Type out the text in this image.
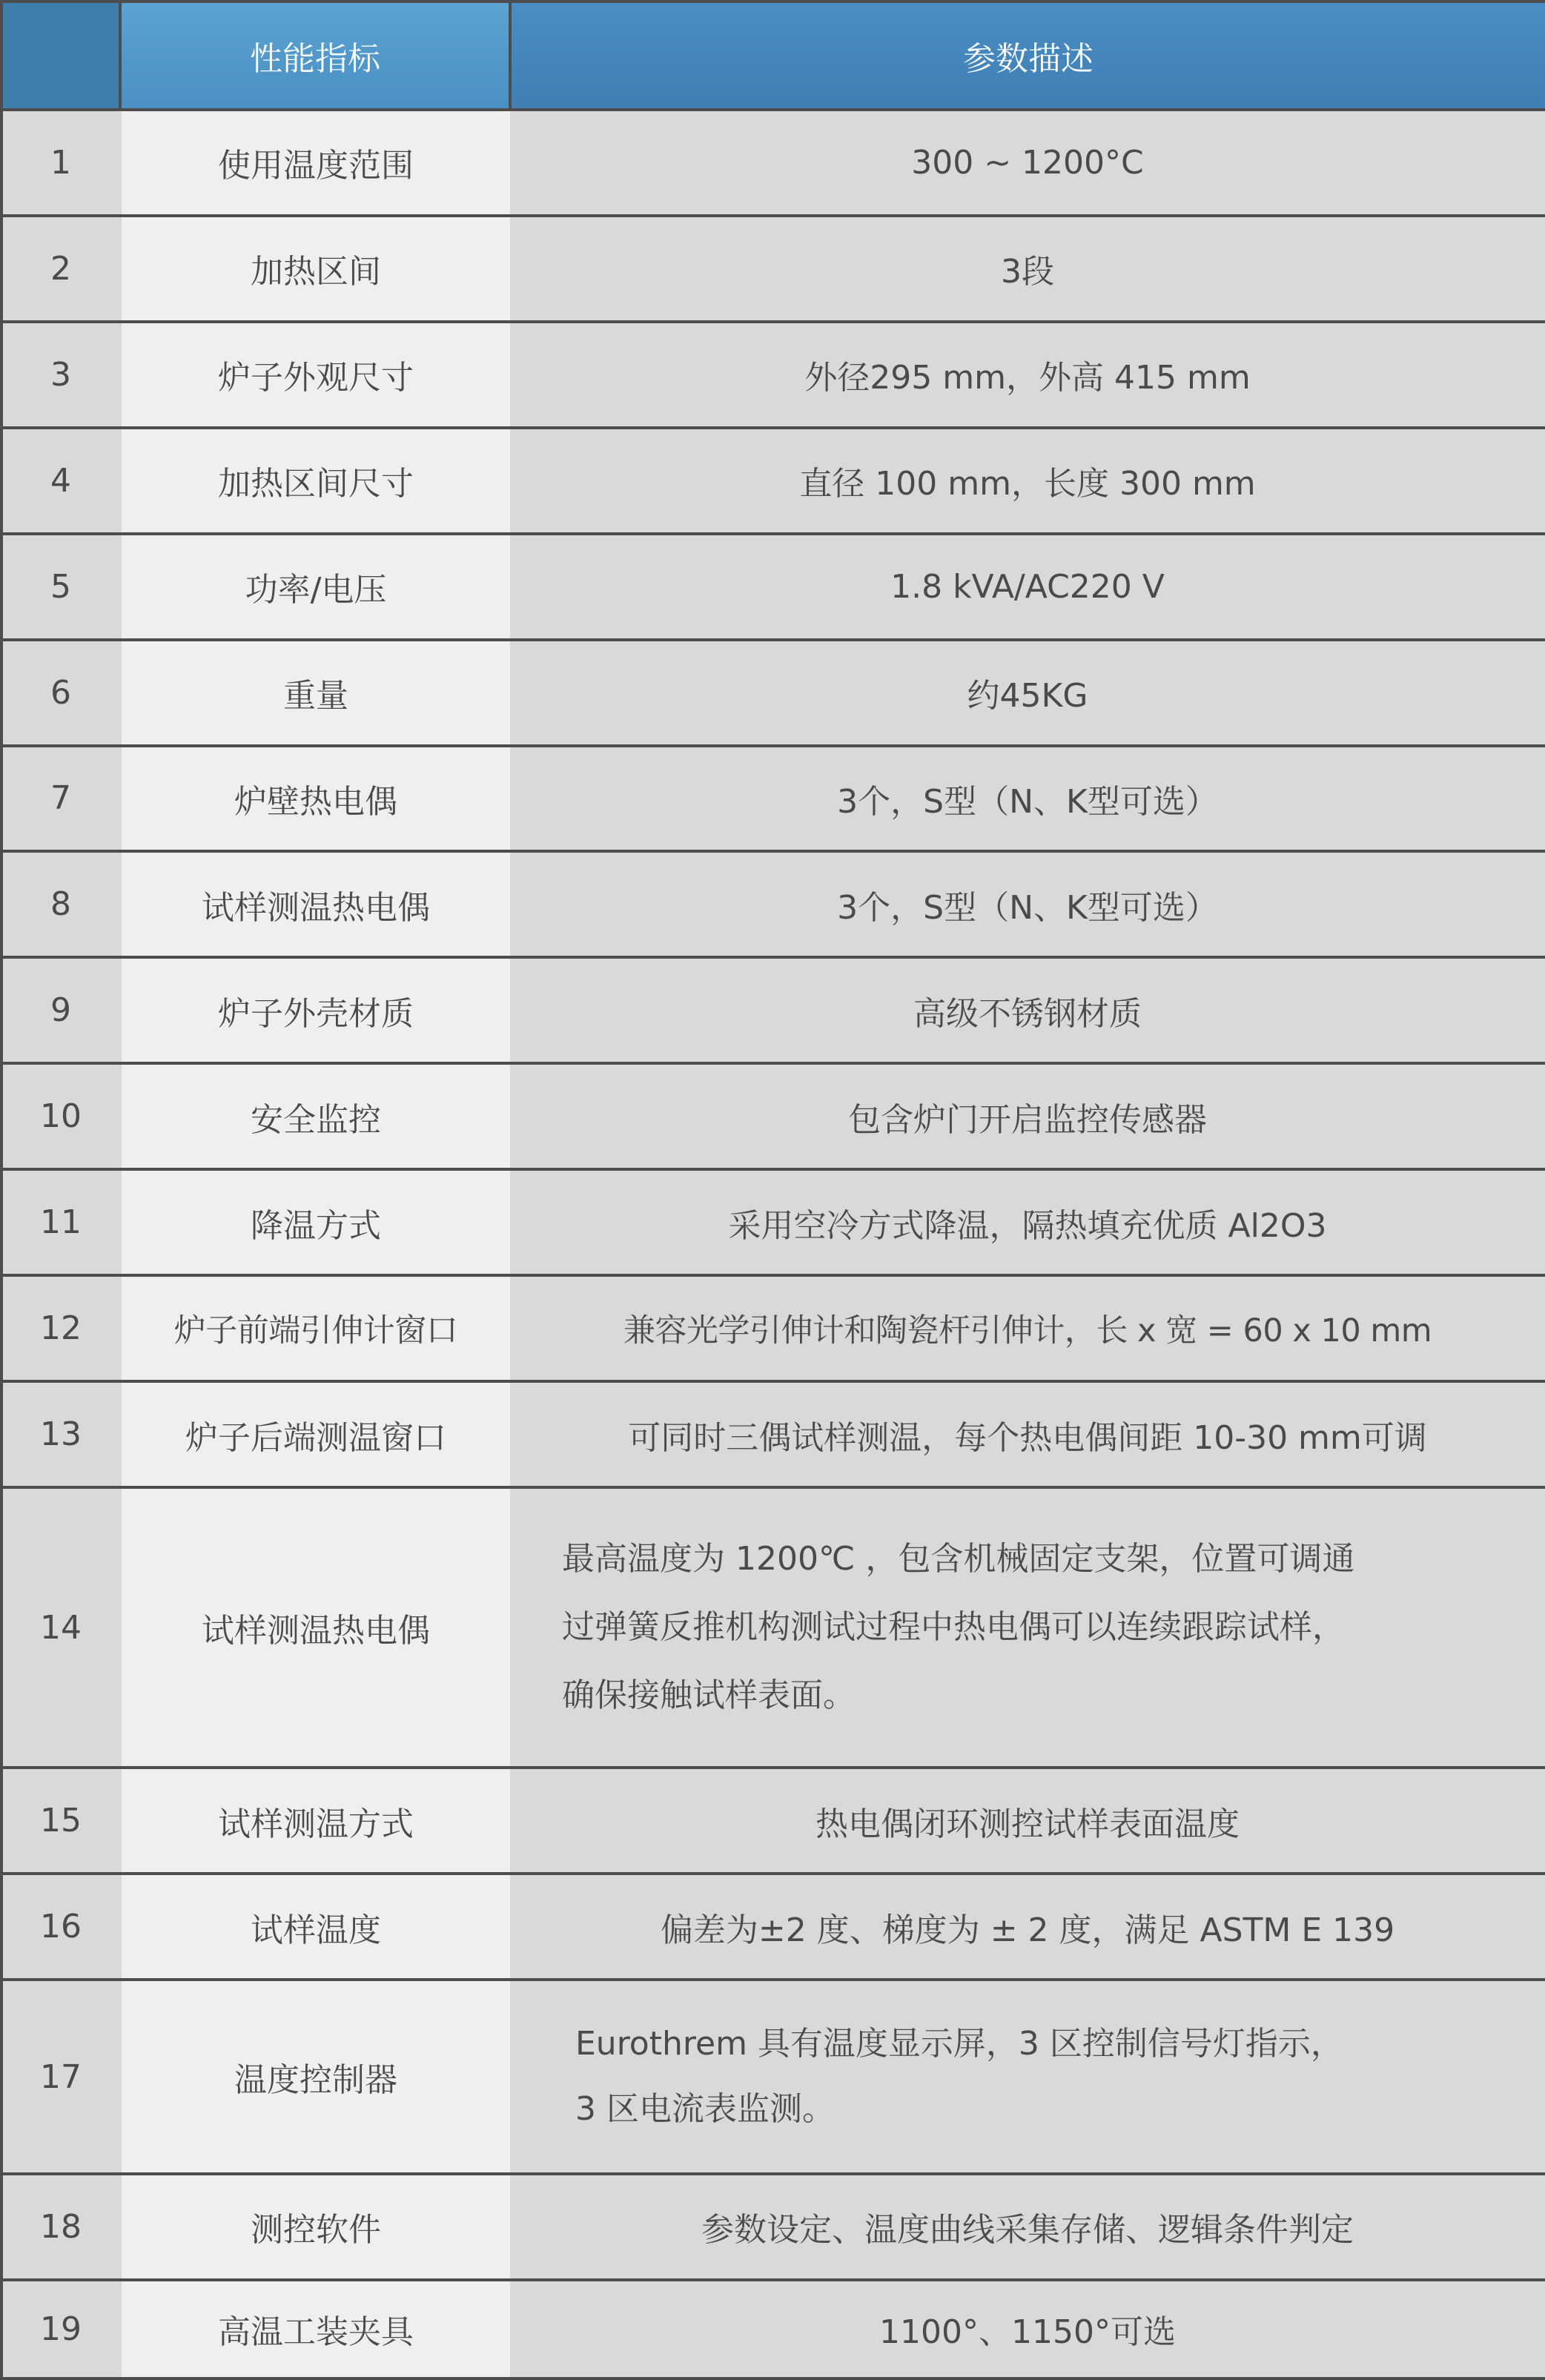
	性能指标	参数描述
1	使用温度范围	300 ~ 1200°C
2	加热区间	3段
3	炉子外观尺寸	外径295 mm，外高 415 mm
4	加热区间尺寸	直径 100 mm，长度 300 mm
5	功率/电压	1.8 kVA/AC220 V
6	重量	约45KG
7	炉壁热电偶	3个，S型（N、K型可选）
8	试样测温热电偶	3个，S型（N、K型可选）
9	炉子外壳材质	高级不锈钢材质
10	安全监控	包含炉门开启监控传感器
11	降温方式	采用空冷方式降温，隔热填充优质 Al2O3
12	炉子前端引伸计窗口	兼容光学引伸计和陶瓷杆引伸计，长 x 宽 = 60 x 10 mm
13	炉子后端测温窗口	可同时三偶试样测温，每个热电偶间距 10-30 mm可调
14	试样测温热电偶	最高温度为 1200℃ ，包含机械固定支架，位置可调通
过弹簧反推机构测试过程中热电偶可以连续跟踪试样，
确保接触试样表面。

15	试样测温方式	热电偶闭环测控试样表面温度
16	试样温度	偏差为±2 度、梯度为 ± 2 度，满足 ASTM E 139
17	温度控制器	Eurothrem 具有温度显示屏，3 区控制信号灯指示，
3 区电流表监测。

18	测控软件	参数设定、温度曲线采集存储、逻辑条件判定
19	高温工装夹具	1100°、1150°可选
